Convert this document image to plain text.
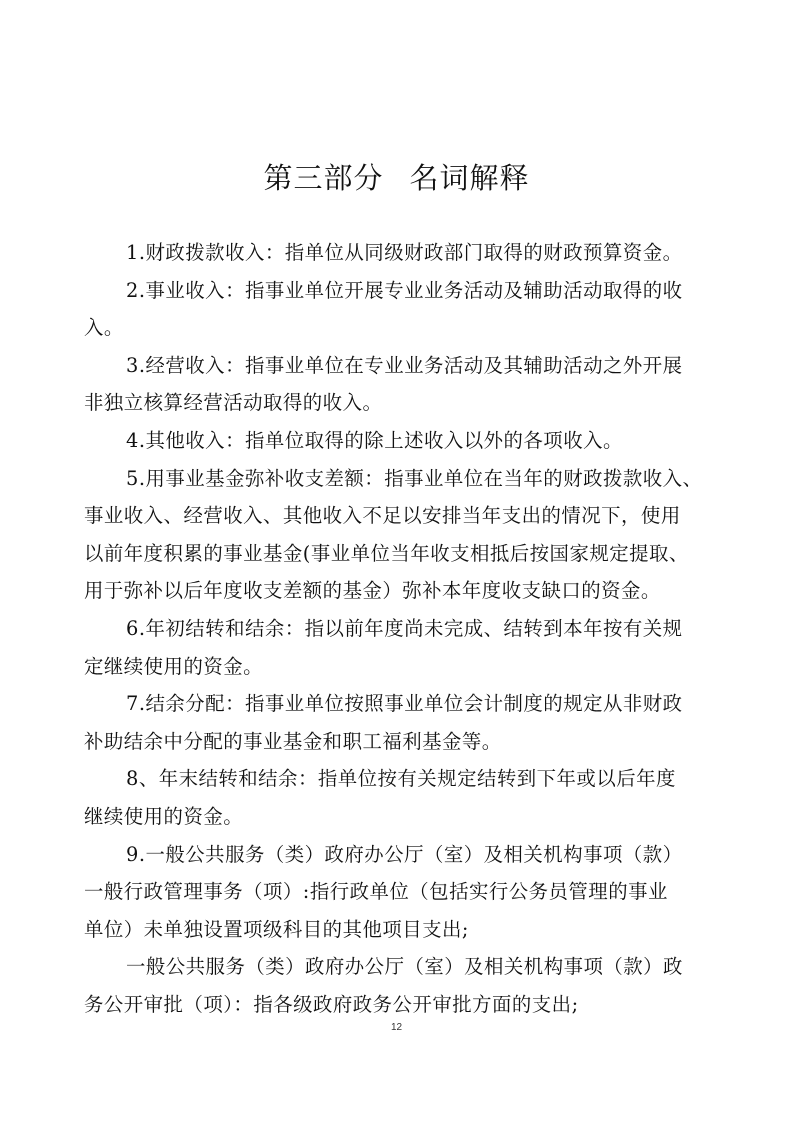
第三部分 名词解释
1.财政拨款收入：指单位从同级财政部门取得的财政预算资金。
2.事业收入：指事业单位开展专业业务活动及辅助活动取得的收
入。
3.经营收入：指事业单位在专业业务活动及其辅助活动之外开展
非独立核算经营活动取得的收入。
4.其他收入：指单位取得的除上述收入以外的各项收入。
5.用事业基金弥补收支差额：指事业单位在当年的财政拨款收入、
事业收入、经营收入、其他收入不足以安排当年支出的情况下，使用
以前年度积累的事业基金(事业单位当年收支相抵后按国家规定提取、
用于弥补以后年度收支差额的基金）弥补本年度收支缺口的资金。
6.年初结转和结余：指以前年度尚未完成、结转到本年按有关规
定继续使用的资金。
7.结余分配：指事业单位按照事业单位会计制度的规定从非财政
补助结余中分配的事业基金和职工福利基金等。
8、年末结转和结余：指单位按有关规定结转到下年或以后年度
继续使用的资金。
9.一般公共服务（类）政府办公厅（室）及相关机构事项（款）
一般行政管理事务（项）:指行政单位（包括实行公务员管理的事业
单位）未单独设置项级科目的其他项目支出;
一般公共服务（类）政府办公厅（室）及相关机构事项（款）政
务公开审批（项）：指各级政府政务公开审批方面的支出;
12
